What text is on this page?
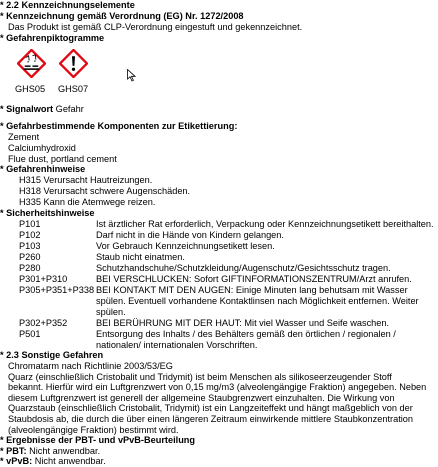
* 2.2 Kennzeichnungselemente
* Kennzeichnung gemäß Verordnung (EG) Nr. 1272/2008
Das Produkt ist gemäß CLP-Verordnung eingestuft und gekennzeichnet.
* Gefahrenpiktogramme
GHS05 GHS07
* Signalwort Gefahr
* Gefahrbestimmende Komponenten zur Etikettierung:
Zement
Calciumhydroxid
Flue dust, portland cement
* Gefahrenhinweise
H315 Verursacht Hautreizungen.
H318 Verursacht schwere Augenschäden.
H335 Kann die Atemwege reizen.
* Sicherheitshinweise
P101	Ist ärztlicher Rat erforderlich, Verpackung oder Kennzeichnungsetikett bereithalten.
P102	Darf nicht in die Hände von Kindern gelangen.
P103	Vor Gebrauch Kennzeichnungsetikett lesen.
P260	Staub nicht einatmen.
P280	Schutzhandschuhe/Schutzkleidung/Augenschutz/Gesichtsschutz tragen.
P301+P310	BEI VERSCHLUCKEN: Sofort GIFTINFORMATIONSZENTRUM/Arzt anrufen.
P305+P351+P338 BEI KONTAKT MIT DEN AUGEN: Einige Minuten lang behutsam mit Wasser
spülen. Eventuell vorhandene Kontaktlinsen nach Möglichkeit entfernen. Weiter
spülen.
P302+P352	BEI BERÜHRUNG MIT DER HAUT: Mit viel Wasser und Seife waschen.
P501	Entsorgung des Inhalts / des Behälters gemäß den örtlichen / regionalen /
nationalen/ internationalen Vorschriften.
* 2.3 Sonstige Gefahren
Chromatarm nach Richtlinie 2003/53/EG
Quarz (einschließlich Cristobalit und Tridymit) ist beim Menschen als silikoseerzeugender Stoff
bekannt. Hierfür wird ein Luftgrenzwert von 0,15 mg/m3 (alveolengängige Fraktion) angegeben. Neben
diesem Luftgrenzwert ist generell der allgemeine Staubgrenzwert einzuhalten. Die Wirkung von
Quarzstaub (einschließlich Cristobalit, Tridymit) ist ein Langzeiteffekt und hängt maßgeblich von der
Staubdosis ab, die durch die über einen längeren Zeitraum einwirkende mittlere Staubkonzentration
(alveolengängige Fraktion) bestimmt wird.
* Ergebnisse der PBT- und vPvB-Beurteilung
* PBT: Nicht anwendbar.
* vPvB: Nicht anwendbar.
